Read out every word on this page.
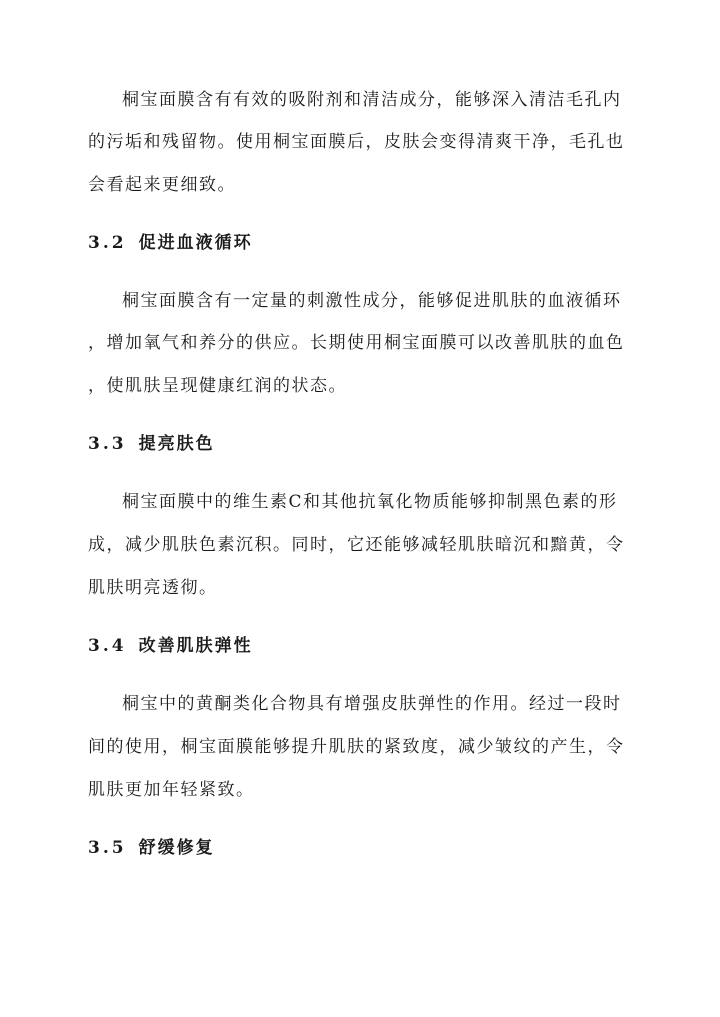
桐宝面膜含有有效的吸附剂和清洁成分，能够深入清洁毛孔内
的污垢和残留物。使用桐宝面膜后，皮肤会变得清爽干净，毛孔也
会看起来更细致。
3.2 促进血液循环
桐宝面膜含有一定量的刺激性成分，能够促进肌肤的血液循环
，增加氧气和养分的供应。长期使用桐宝面膜可以改善肌肤的血色
，使肌肤呈现健康红润的状态。
3.3 提亮肤色
桐宝面膜中的维生素C和其他抗氧化物质能够抑制黑色素的形
成，减少肌肤色素沉积。同时，它还能够减轻肌肤暗沉和黯黄，令
肌肤明亮透彻。
3.4 改善肌肤弹性
桐宝中的黄酮类化合物具有增强皮肤弹性的作用。经过一段时
间的使用，桐宝面膜能够提升肌肤的紧致度，减少皱纹的产生，令
肌肤更加年轻紧致。
3.5 舒缓修复
